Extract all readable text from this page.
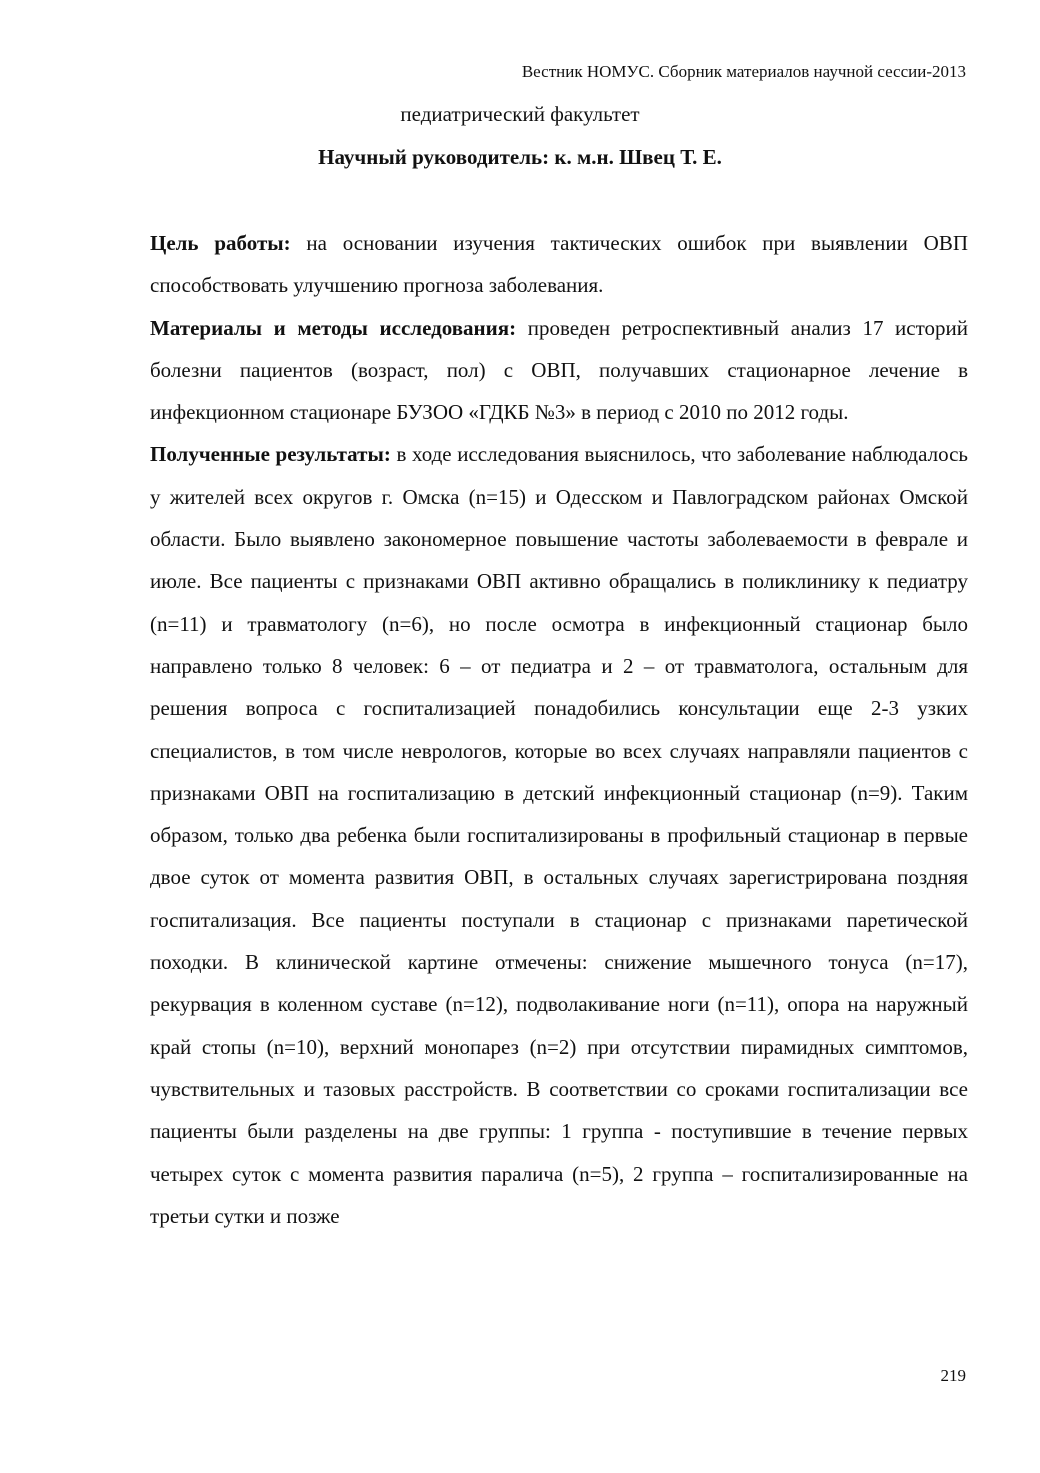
Вестник НОМУС. Сборник материалов научной сессии-2013
педиатрический факультет
Научный руководитель: к. м.н. Швец Т. Е.

Цель работы: на основании изучения тактических ошибок при выявлении ОВП способствовать улучшению прогноза заболевания.

Материалы и методы исследования: проведен ретроспективный анализ 17 историй болезни пациентов (возраст, пол) с ОВП, получавших стационарное лечение в инфекционном стационаре БУЗОО «ГДКБ №3» в период с 2010 по 2012 годы.

Полученные результаты: в ходе исследования выяснилось, что заболевание наблюдалось у жителей всех округов г. Омска (n=15) и Одесском и Павлоградском районах Омской области. Было выявлено закономерное повышение частоты заболеваемости в феврале и июле. Все пациенты с признаками ОВП активно обращались в поликлинику к педиатру (n=11) и травматологу (n=6), но после осмотра в инфекционный стационар было направлено только 8 человек: 6 – от педиатра и 2 – от травматолога, остальным для решения вопроса с госпитализацией понадобились консультации еще 2-3 узких специалистов, в том числе неврологов, которые во всех случаях направляли пациентов с признаками ОВП на госпитализацию в детский инфекционный стационар (n=9). Таким образом, только два ребенка были госпитализированы в профильный стационар в первые двое суток от момента развития ОВП, в остальных случаях зарегистрирована поздняя госпитализация. Все пациенты поступали в стационар с признаками паретической походки. В клинической картине отмечены: снижение мышечного тонуса (n=17), рекурвация в коленном суставе (n=12), подволакивание ноги (n=11), опора на наружный край стопы (n=10), верхний монопарез (n=2) при отсутствии пирамидных симптомов, чувствительных и тазовых расстройств. В соответствии со сроками госпитализации все пациенты были разделены на две группы: 1 группа - поступившие в течение первых четырех суток с момента развития паралича (n=5), 2 группа – госпитализированные на третьи сутки и позже

219
